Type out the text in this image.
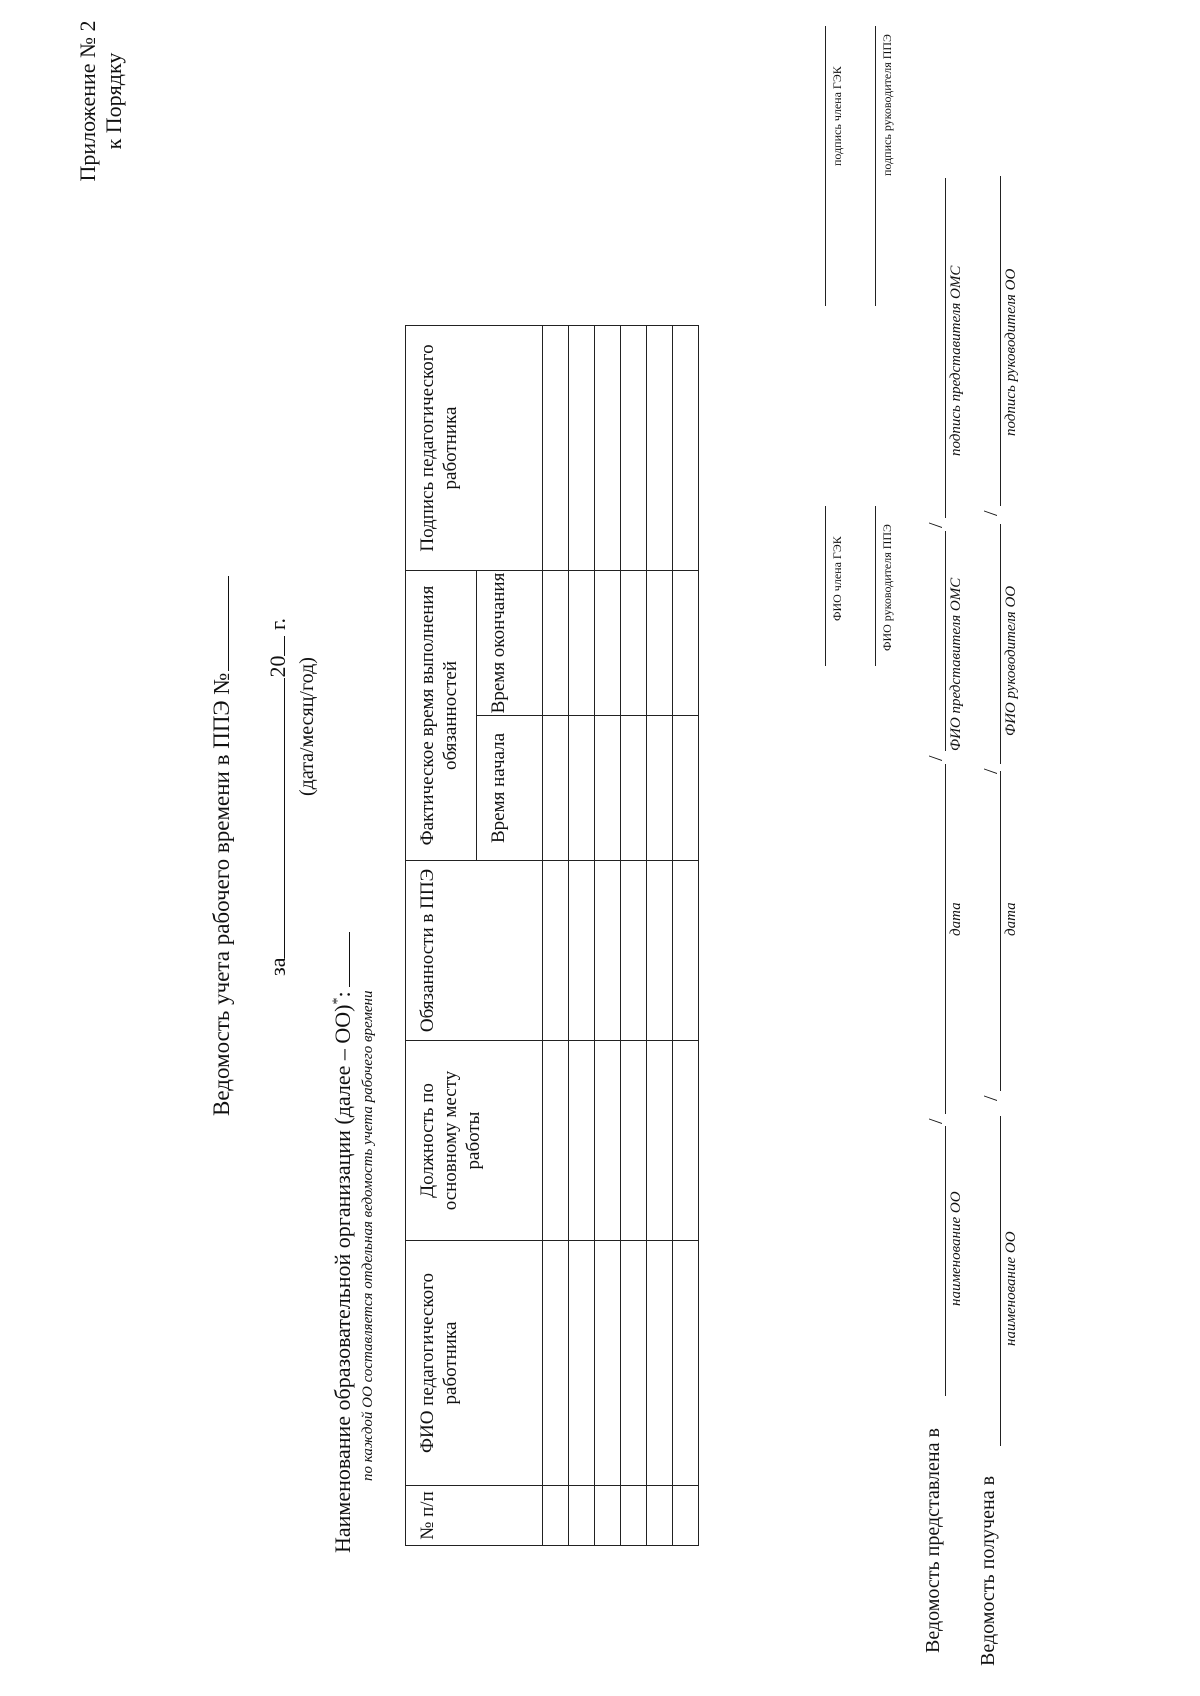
Приложение № 2 к Порядку
Ведомость учета рабочего времени в ППЭ № за20 г.
(дата/месяц/год)
Наименование образовательной организации (далее – ОО)*: по каждой ОО составляется отдельная ведомость учета рабочего времени
№ п/п	ФИО педагогического работника	Должность по основному месту работы	Обязанности в ППЭ	Фактическое время выполнения обязанностей		Подпись педагогического работника
				Время начала	Время окончания	

							ФИО члена ГЭК
подпись члена ГЭК
ФИО руководителя ППЭ
подпись руководителя ППЭ
Ведомость представлена в
наименование ОО
/
дата
/
ФИО представителя ОМС
/
подпись представителя ОМС
Ведомость получена в
наименование ОО
/
дата
/
ФИО руководителя ОО
/
подпись руководителя ОО
